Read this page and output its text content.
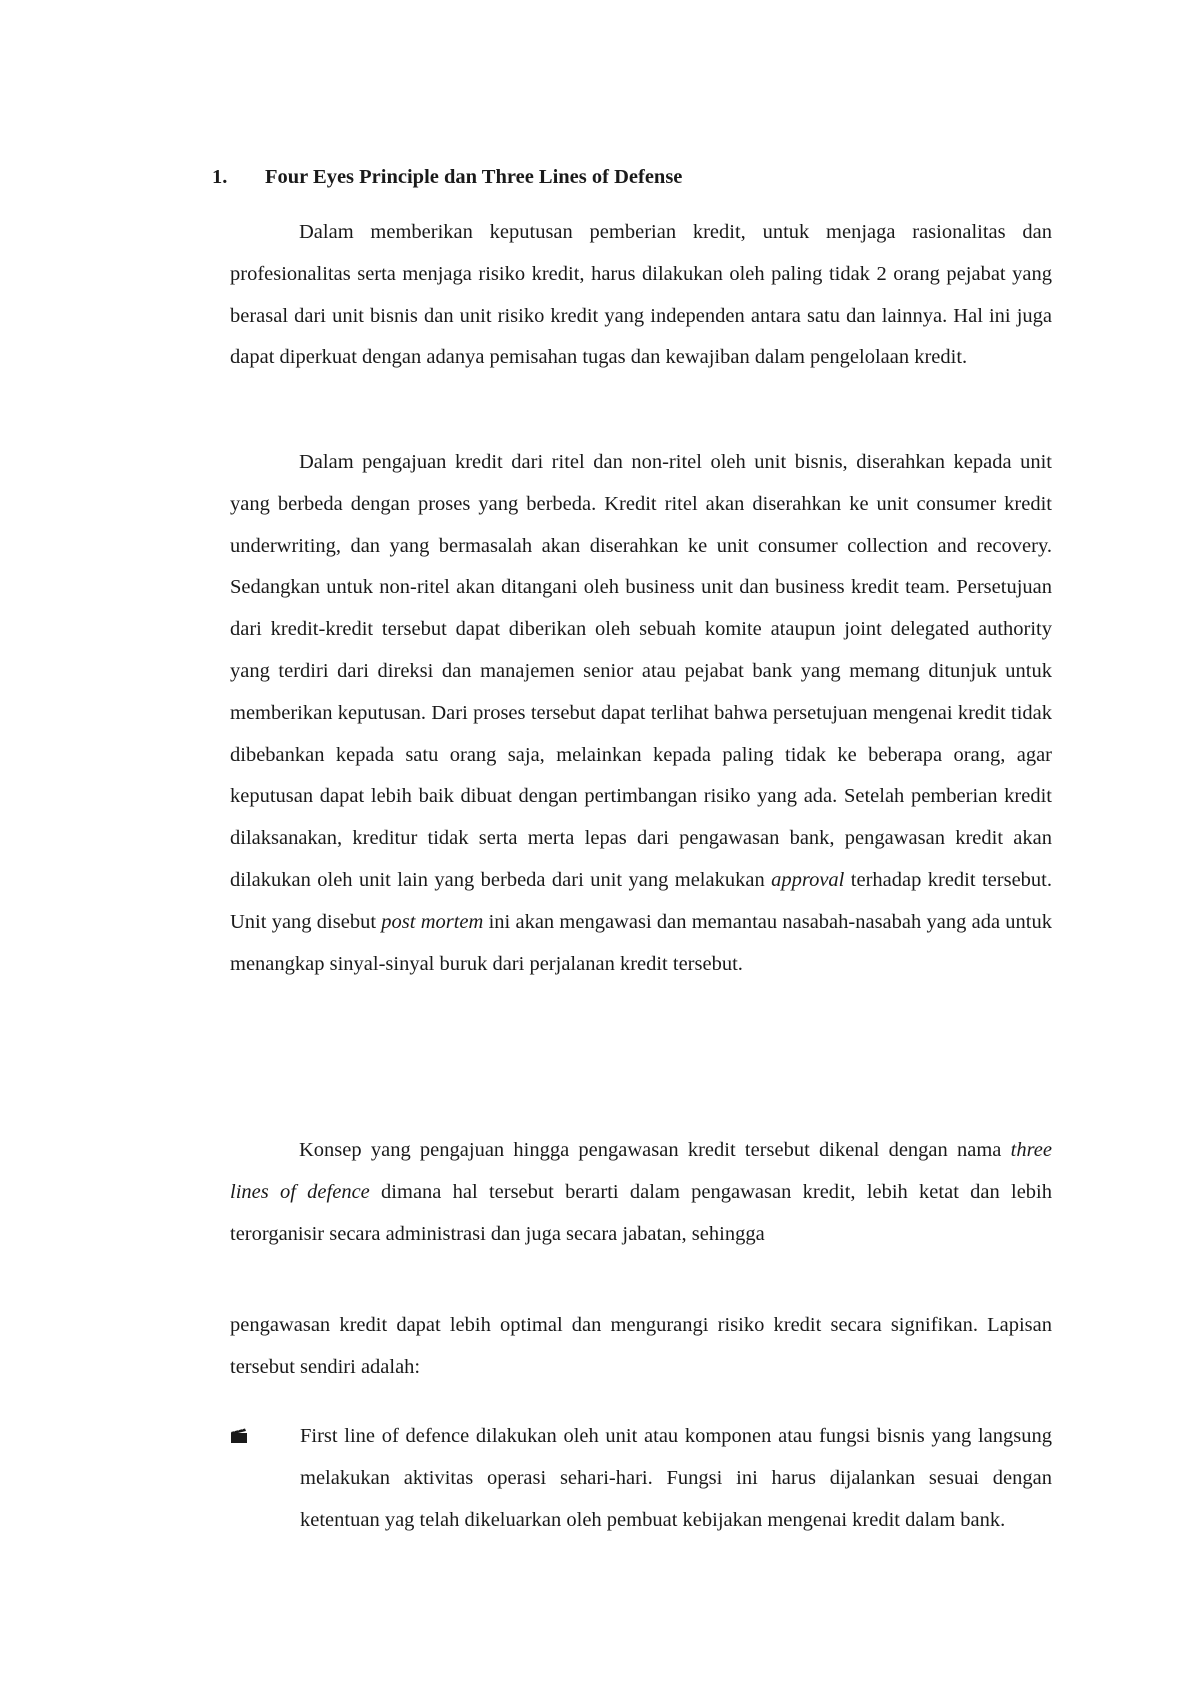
1. Four Eyes Principle dan Three Lines of Defense

Dalam memberikan keputusan pemberian kredit, untuk menjaga rasionalitas dan profesionalitas serta menjaga risiko kredit, harus dilakukan oleh paling tidak 2 orang pejabat yang berasal dari unit bisnis dan unit risiko kredit yang independen antara satu dan lainnya. Hal ini juga dapat diperkuat dengan adanya pemisahan tugas dan kewajiban dalam pengelolaan kredit.

Dalam pengajuan kredit dari ritel dan non-ritel oleh unit bisnis, diserahkan kepada unit yang berbeda dengan proses yang berbeda. Kredit ritel akan diserahkan ke unit consumer kredit underwriting, dan yang bermasalah akan diserahkan ke unit consumer collection and recovery. Sedangkan untuk non-ritel akan ditangani oleh business unit dan business kredit team. Persetujuan dari kredit-kredit tersebut dapat diberikan oleh sebuah komite ataupun joint delegated authority yang terdiri dari direksi dan manajemen senior atau pejabat bank yang memang ditunjuk untuk memberikan keputusan. Dari proses tersebut dapat terlihat bahwa persetujuan mengenai kredit tidak dibebankan kepada satu orang saja, melainkan kepada paling tidak ke beberapa orang, agar keputusan dapat lebih baik dibuat dengan pertimbangan risiko yang ada. Setelah pemberian kredit dilaksanakan, kreditur tidak serta merta lepas dari pengawasan bank, pengawasan kredit akan dilakukan oleh unit lain yang berbeda dari unit yang melakukan approval terhadap kredit tersebut. Unit yang disebut post mortem ini akan mengawasi dan memantau nasabah-nasabah yang ada untuk menangkap sinyal-sinyal buruk dari perjalanan kredit tersebut.

Konsep yang pengajuan hingga pengawasan kredit tersebut dikenal dengan nama three lines of defence dimana hal tersebut berarti dalam pengawasan kredit, lebih ketat dan lebih terorganisir secara administrasi dan juga secara jabatan, sehingga

pengawasan kredit dapat lebih optimal dan mengurangi risiko kredit secara signifikan. Lapisan tersebut sendiri adalah:

First line of defence dilakukan oleh unit atau komponen atau fungsi bisnis yang langsung melakukan aktivitas operasi sehari-hari. Fungsi ini harus dijalankan sesuai dengan ketentuan yag telah dikeluarkan oleh pembuat kebijakan mengenai kredit dalam bank.
